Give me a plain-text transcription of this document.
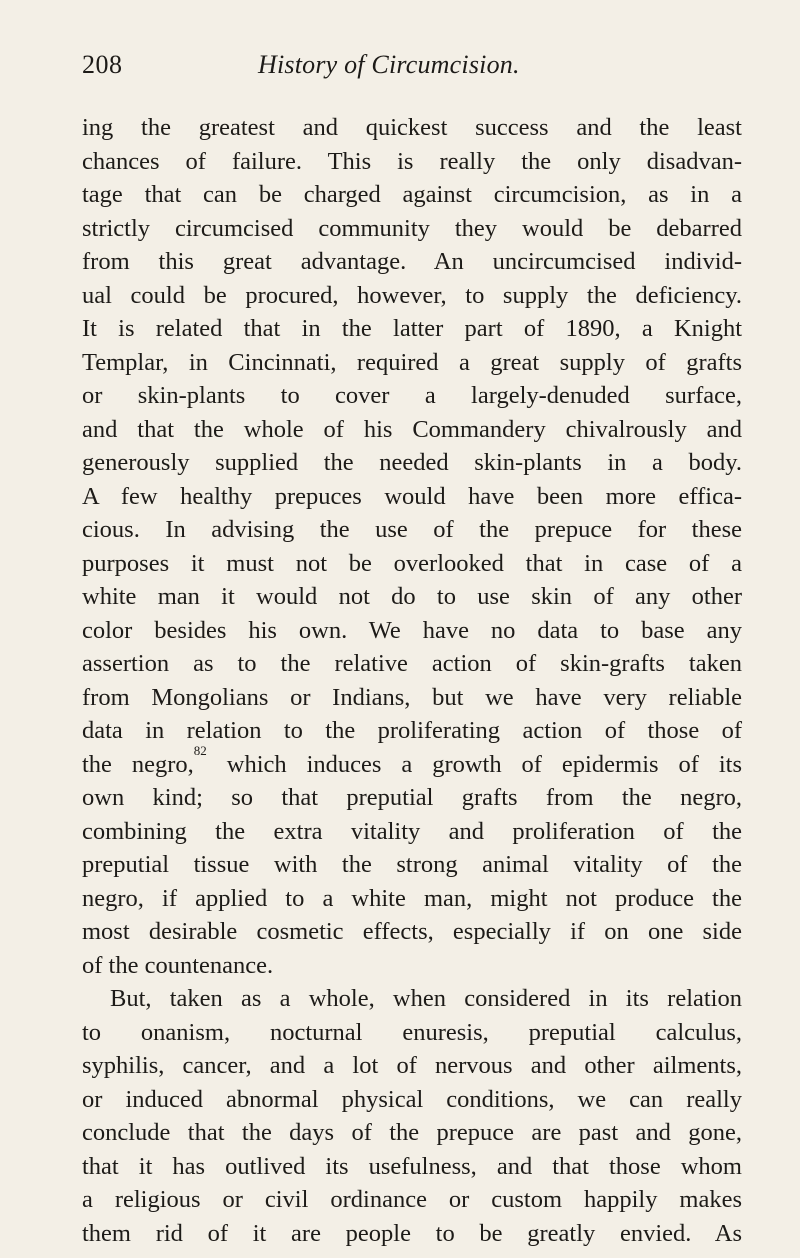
208	History of Circumcision.
ing the greatest and quickest success and the least
chances of failure. This is really the only disadvan-
tage that can be charged against circumcision, as in a
strictly circumcised community they would be debarred
from this great advantage. An uncircumcised individ-
ual could be procured, however, to supply the deficiency.
It is related that in the latter part of 1890, a Knight
Templar, in Cincinnati, required a great supply of grafts
or skin-plants to cover a largely-denuded surface,
and that the whole of his Commandery chivalrously and
generously supplied the needed skin-plants in a body.
A few healthy prepuces would have been more effica-
cious. In advising the use of the prepuce for these
purposes it must not be overlooked that in case of a
white man it would not do to use skin of any other
color besides his own. We have no data to base any
assertion as to the relative action of skin-grafts taken
from Mongolians or Indians, but we have very reliable
data in relation to the proliferating action of those of
the negro,$^{82}$ which induces a growth of epidermis of its
own kind; so that preputial grafts from the negro,
combining the extra vitality and proliferation of the
preputial tissue with the strong animal vitality of the
negro, if applied to a white man, might not produce the
most desirable cosmetic effects, especially if on one side
of the countenance.
But, taken as a whole, when considered in its relation
to onanism, nocturnal enuresis, preputial calculus,
syphilis, cancer, and a lot of nervous and other ailments,
or induced abnormal physical conditions, we can really
conclude that the days of the prepuce are past and gone,
that it has outlived its usefulness, and that those whom
a religious or civil ordinance or custom happily makes
them rid of it are people to be greatly envied. As
